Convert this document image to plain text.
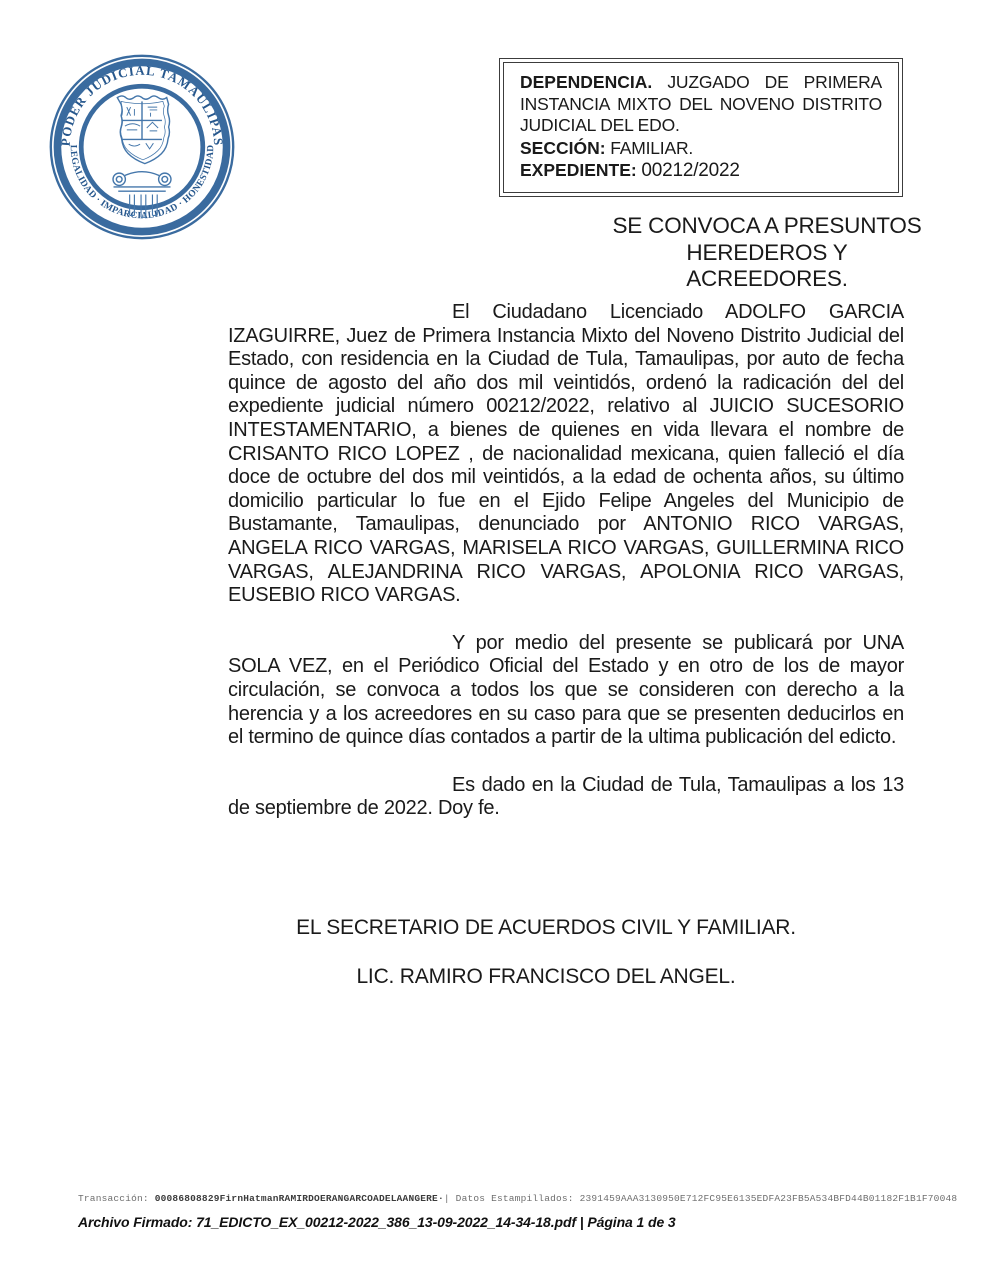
PODER JUDICIAL TAMAULIPAS
LEGALIDAD · IMPARCIALIDAD · HONESTIDAD
DEPENDENCIA. JUZGADO DE PRIMERA INSTANCIA MIXTO DEL NOVENO DISTRITO JUDICIAL DEL EDO.
SECCIÓN: FAMILIAR.
EXPEDIENTE: 00212/2022
SE CONVOCA A PRESUNTOS
HEREDEROS Y ACREEDORES.

El Ciudadano Licenciado ADOLFO GARCIA IZAGUIRRE, Juez de Primera Instancia Mixto del Noveno Distrito Judicial del Estado, con residencia en la Ciudad de Tula, Tamaulipas, por auto de fecha quince de agosto del año dos mil veintidós, ordenó la radicación del del expediente judicial número 00212/2022, relativo al JUICIO SUCESORIO INTESTAMENTARIO, a bienes de quienes en vida llevara el nombre de CRISANTO RICO LOPEZ , de nacionalidad mexicana, quien falleció el día doce de octubre del dos mil veintidós, a la edad de ochenta años, su último domicilio particular lo fue en el Ejido Felipe Angeles del Municipio de Bustamante, Tamaulipas, denunciado por ANTONIO RICO VARGAS, ANGELA RICO VARGAS, MARISELA RICO VARGAS, GUILLERMINA RICO VARGAS, ALEJANDRINA RICO VARGAS, APOLONIA RICO VARGAS, EUSEBIO RICO VARGAS.

Y por medio del presente se publicará por UNA SOLA VEZ, en el Periódico Oficial del Estado y en otro de los de mayor circulación, se convoca a todos los que se consideren con derecho a la herencia y a los acreedores en su caso para que se presenten deducirlos en el termino de quince días contados a partir de la ultima publicación del edicto.

Es dado en la Ciudad de Tula, Tamaulipas a los 13 de septiembre de 2022. Doy fe.

EL SECRETARIO DE ACUERDOS CIVIL Y FAMILIAR.
LIC. RAMIRO FRANCISCO DEL ANGEL.
Transacción: 00086808829FirnHatmanRAMIRDOERANGARCOADELAANGERE·| Datos Estampillados: 2391459AAA3130950E712FC95E6135EDFA23FB5A534BFD44B01182F1B1F70048
Archivo Firmado: 71_EDICTO_EX_00212-2022_386_13-09-2022_14-34-18.pdf | Página 1 de 3
